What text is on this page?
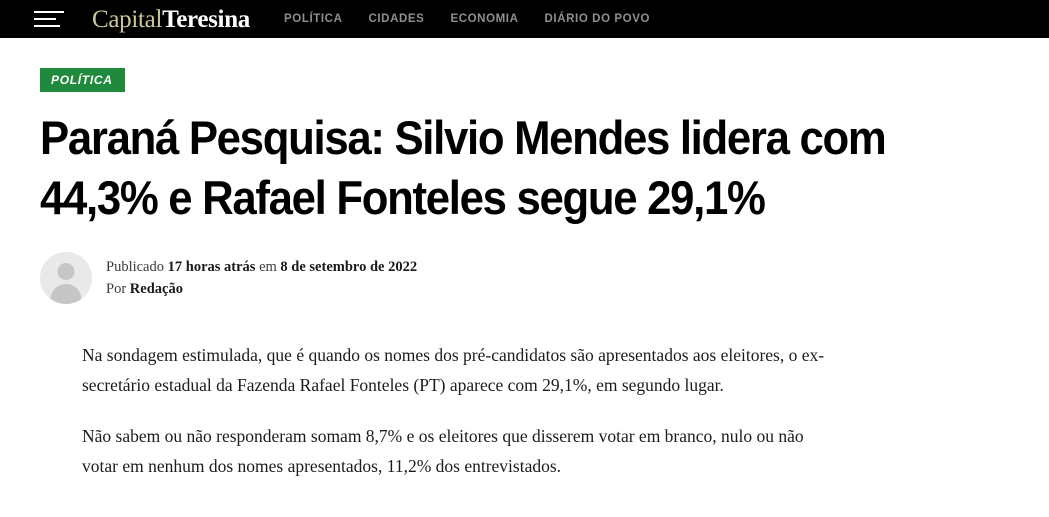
CapitalTeresina	POLÍTICA CIDADES ECONOMIA DIÁRIO DO POVO
POLÍTICA
Paraná Pesquisa: Silvio Mendes lidera com 44,3% e Rafael Fonteles segue 29,1%
Publicado 17 horas atrás em 8 de setembro de 2022
Por Redação

Na sondagem estimulada, que é quando os nomes dos pré-candidatos são apresentados aos eleitores, o ex-secretário estadual da Fazenda Rafael Fonteles (PT) aparece com 29,1%, em segundo lugar.

Não sabem ou não responderam somam 8,7% e os eleitores que disserem votar em branco, nulo ou não votar em nenhum dos nomes apresentados, 11,2% dos entrevistados.
